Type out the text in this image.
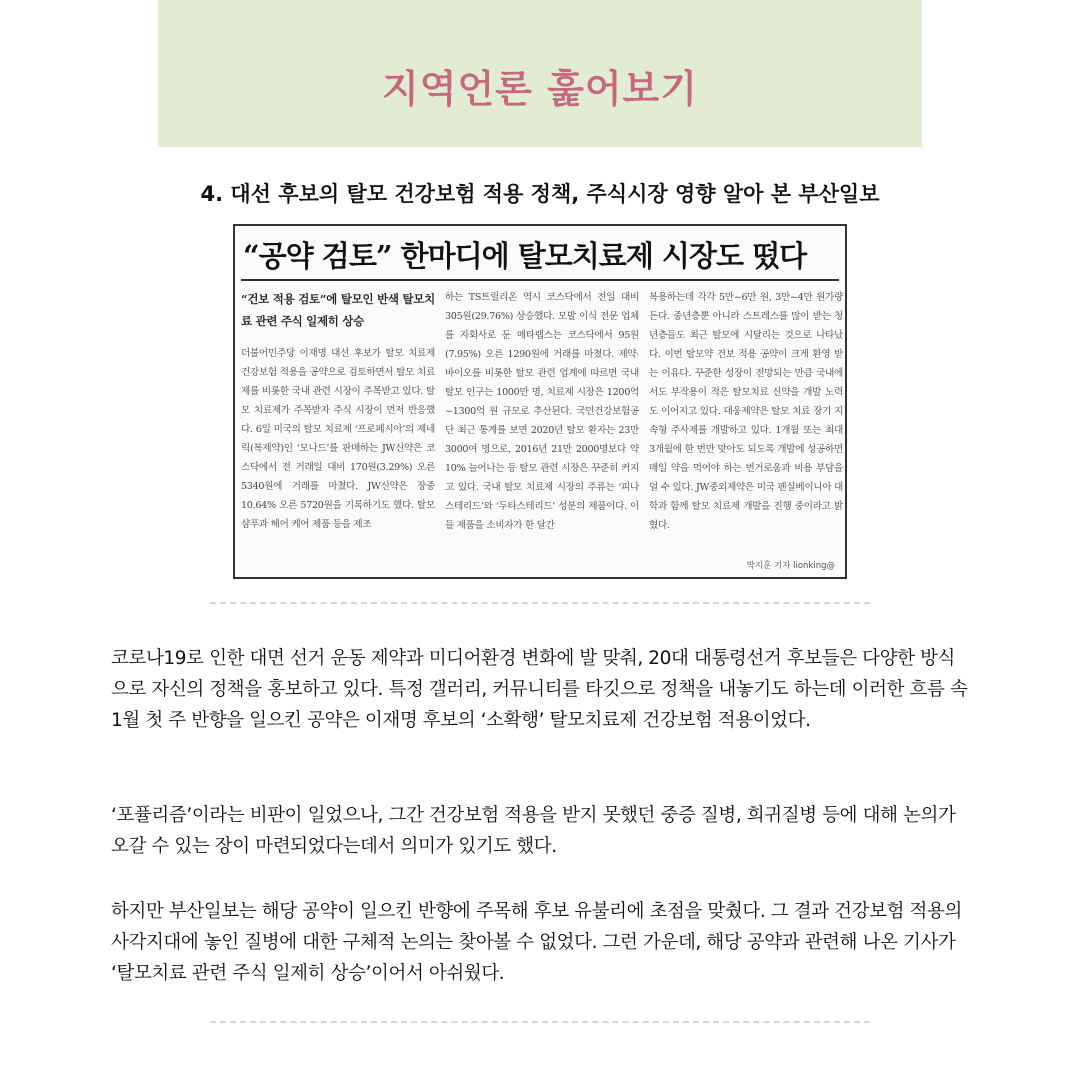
지역언론 훑어보기
4. 대선 후보의 탈모 건강보험 적용 정책, 주식시장 영향 알아 본 부산일보
“공약 검토” 한마디에 탈모치료제 시장도 떴다
“건보 적용 검토”에 탈모인 반색 탈모치료 관련 주식 일제히 상승
더불어민주당 이재명 대선 후보가 탈모 치료제 건강보험 적용을 공약으로 검토하면서 탈모 치료제를 비롯한 국내 관련 시장이 주목받고 있다. 탈모 치료제가 주목받자 주식 시장이 먼저 반응했다. 6일 미국의 탈모 치료제 ‘프로페시아’의 제네릭(복제약)인 ‘모나드’를 판매하는 JW신약은 코스닥에서 전 거래일 대비 170원(3.29%) 오른 5340원에 거래를 마쳤다. JW신약은 장중 10.64% 오른 5720원을 기록하기도 했다. 탈모 샴푸과 헤어 케어 제품 등을 제조
하는 TS트릴리온 역시 코스닥에서 전일 대비 305원(29.76%) 상승했다. 모발 이식 전문 업체를 자회사로 둔 메타랩스는 코스닥에서 95원(7.95%) 오른 1290원에 거래를 마쳤다. 제약·바이오를 비롯한 탈모 관련 업계에 따르면 국내 탈모 인구는 1000만 명, 치료제 시장은 1200억~1300억 원 규모로 추산된다. 국민건강보험공단 최근 통계를 보면 2020년 탈모 환자는 23만 3000여 명으로, 2016년 21만 2000명보다 약 10% 늘어나는 등 탈모 관련 시장은 꾸준히 커지고 있다. 국내 탈모 치료제 시장의 주류는 ‘피나스테리드’와 ‘두타스테리드’ 성분의 제품이다. 이들 제품을 소비자가 한 달간
복용하는데 각각 5만~6만 원, 3만~4만 원가량 든다. 중년층뿐 아니라 스트레스를 많이 받는 청년층들도 최근 탈모에 시달리는 것으로 나타났다. 이번 탈모약 건보 적용 공약이 크게 환영 받는 이유다. 꾸준한 성장이 전망되는 만큼 국내에서도 부작용이 적은 탈모치료 신약을 개발 노력도 이어지고 있다. 대웅제약은 탈모 치료 장기 지속형 주사제를 개발하고 있다. 1개월 또는 최대 3개월에 한 번만 맞아도 되도록 개발에 성공하면 매일 약을 먹어야 하는 번거로움과 비용 부담을 덜 수 있다. JW중외제약은 미국 펜실베이니아 대학과 함께 탈모 치료제 개발을 진행 중이라고 밝혔다.
박지훈 기자 lionking@
코로나19로 인한 대면 선거 운동 제약과 미디어환경 변화에 발 맞춰, 20대 대통령선거 후보들은 다양한 방식으로 자신의 정책을 홍보하고 있다. 특정 갤러리, 커뮤니티를 타깃으로 정책을 내놓기도 하는데 이러한 흐름 속 1월 첫 주 반향을 일으킨 공약은 이재명 후보의 ‘소확행’ 탈모치료제 건강보험 적용이었다.
‘포퓰리즘’이라는 비판이 일었으나, 그간 건강보험 적용을 받지 못했던 중증 질병, 희귀질병 등에 대해 논의가 오갈 수 있는 장이 마련되었다는데서 의미가 있기도 했다.
하지만 부산일보는 해당 공약이 일으킨 반향에 주목해 후보 유불리에 초점을 맞췄다. 그 결과 건강보험 적용의 사각지대에 놓인 질병에 대한 구체적 논의는 찾아볼 수 없었다. 그런 가운데, 해당 공약과 관련해 나온 기사가 ‘탈모치료 관련 주식 일제히 상승’이어서 아쉬웠다.
